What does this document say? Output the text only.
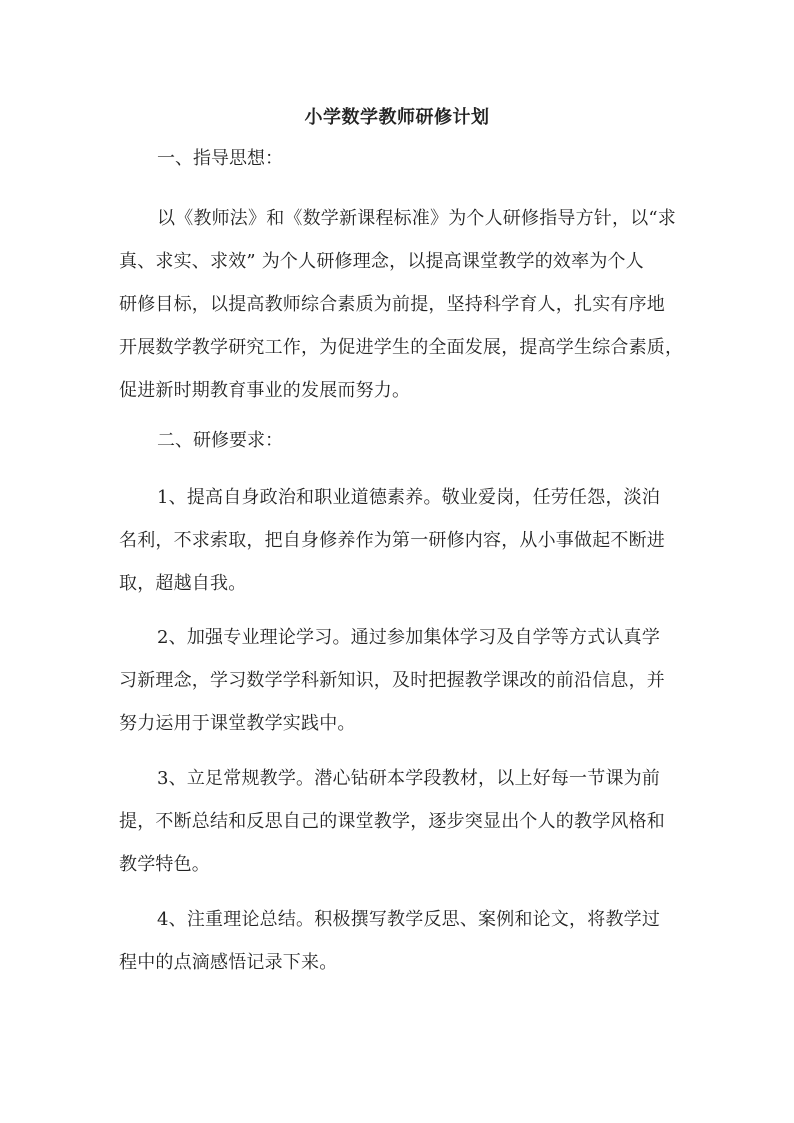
小学数学教师研修计划
一、指导思想：
以《教师法》和《数学新课程标准》为个人研修指导方针，以“求
真、求实、求效” 为个人研修理念，以提高课堂教学的效率为个人
研修目标，以提高教师综合素质为前提，坚持科学育人，扎实有序地
开展数学教学研究工作，为促进学生的全面发展，提高学生综合素质，
促进新时期教育事业的发展而努力。
二、研修要求：
1、提高自身政治和职业道德素养。敬业爱岗，任劳任怨，淡泊
名利，不求索取，把自身修养作为第一研修内容，从小事做起不断进
取，超越自我。
2、加强专业理论学习。通过参加集体学习及自学等方式认真学
习新理念，学习数学学科新知识，及时把握教学课改的前沿信息，并
努力运用于课堂教学实践中。
3、立足常规教学。潜心钻研本学段教材，以上好每一节课为前
提，不断总结和反思自己的课堂教学，逐步突显出个人的教学风格和
教学特色。
4、注重理论总结。积极撰写教学反思、案例和论文，将教学过
程中的点滴感悟记录下来。
